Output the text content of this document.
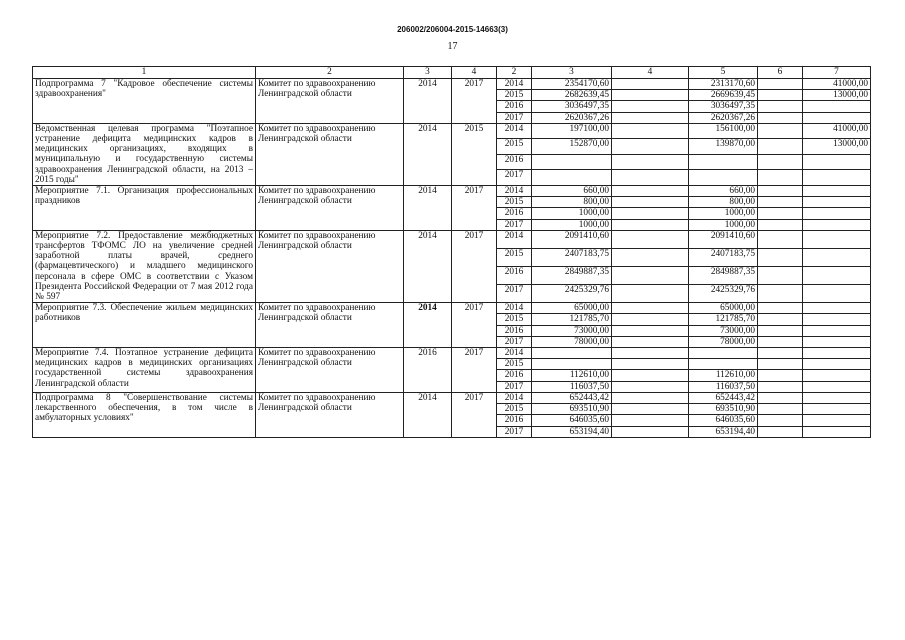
206002/206004-2015-14663(3)
17
1	2	3	4	2	3	4	5	6	7
Подпрограмма 7 "Кадровое обеспечение системы здравоохранения"	Комитет по здравоохранению Ленинградской области	2014	2017	2014	2354170,60		2313170,60		41000,00
				2015	2682639,45		2669639,45		13000,00
				2016	3036497,35		3036497,35		
				2017	2620367,26		2620367,26		
Ведомственная целевая программа "Поэтапное устранение дефицита медицинских кадров в медицинских организациях, входящих в муниципальную и государственную системы здравоохранения Ленинградской области, на 2013 – 2015 годы"	Комитет по здравоохранению Ленинградской области	2014	2015	2014	197100,00		156100,00		41000,00
				2015	152870,00		139870,00		13000,00
				2016					
				2017					
Мероприятие 7.1. Организация профессиональных праздников	Комитет по здравоохранению Ленинградской области	2014	2017	2014	660,00		660,00		
				2015	800,00		800,00		
				2016	1000,00		1000,00		
				2017	1000,00		1000,00		
Мероприятие 7.2. Предоставление межбюджетных трансфертов ТФОМС ЛО на увеличение средней заработной платы врачей, среднего (фармацевтического) и младшего медицинского персонала в сфере ОМС в соответствии с Указом Президента Российской Федерации от 7 мая 2012 года № 597	Комитет по здравоохранению Ленинградской области	2014	2017	2014	2091410,60		2091410,60		
				2015	2407183,75		2407183,75		
				2016	2849887,35		2849887,35		
				2017	2425329,76		2425329,76		
Мероприятие 7.3. Обеспечение жильем медицинских работников	Комитет по здравоохранению Ленинградской области	2014	2017	2014	65000,00		65000,00		
				2015	121785,70		121785,70		
				2016	73000,00		73000,00		
				2017	78000,00		78000,00		
Мероприятие 7.4. Поэтапное устранение дефицита медицинских кадров в медицинских организациях государственной системы здравоохранения Ленинградской области	Комитет по здравоохранению Ленинградской области	2016	2017	2014					
				2015					
				2016	112610,00		112610,00		
				2017	116037,50		116037,50		
Подпрограмма 8 "Совершенствование системы лекарственного обеспечения, в том числе в амбулаторных условиях"	Комитет по здравоохранению Ленинградской области	2014	2017	2014	652443,42		652443,42		
				2015	693510,90		693510,90		
				2016	646035,60		646035,60		
				2017	653194,40		653194,40		
